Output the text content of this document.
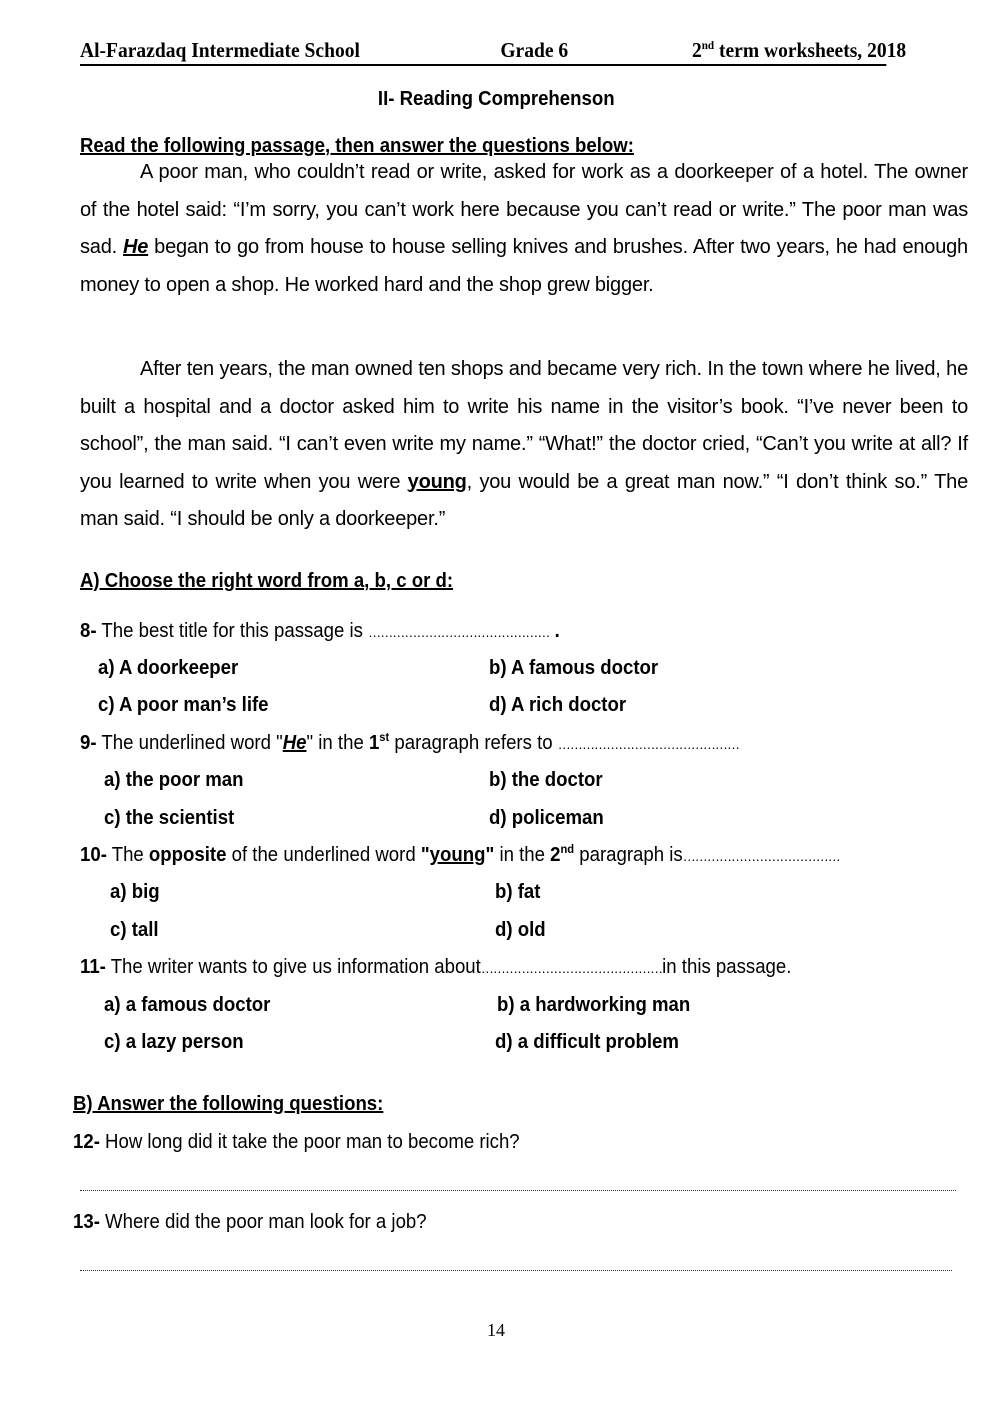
Al-Farazdaq Intermediate School	Grade 6	2nd term worksheets, 2018
II- Reading Comprehenson
Read the following passage, then answer the questions below:

A poor man, who couldn’t read or write, asked for work as a doorkeeper of a hotel. The owner of the hotel said: “I’m sorry, you can’t work here because you can’t read or write.” The poor man was sad. He began to go from house to house selling knives and brushes. After two years, he had enough money to open a shop. He worked hard and the shop grew bigger.

After ten years, the man owned ten shops and became very rich. In the town where he lived, he built a hospital and a doctor asked him to write his name in the visitor’s book. “I’ve never been to school”, the man said. “I can’t even write my name.” “What!” the doctor cried, “Can’t you write at all? If you learned to write when you were young, you would be a great man now.” “I don’t think so.” The man said. “I should be only a doorkeeper.”

A) Choose the right word from a, b, c or d:
8- The best title for this passage is ……………………………………… .
a) A doorkeeper	b) A famous doctor
c) A poor man’s life	d) A rich doctor
9- The underlined word "He" in the 1st paragraph refers to ………………………………………
a) the poor man	b) the doctor
c) the scientist	d) policeman
10- The opposite of the underlined word "young" in the 2nd paragraph is…………………………………
a) big	b) fat
c) tall	d) old
11- The writer wants to give us information about………………………………………in this passage.
a) a famous doctor	b) a hardworking man
c) a lazy person	d) a difficult problem
B) Answer the following questions:
12- How long did it take the poor man to become rich?
13- Where did the poor man look for a job?
14
